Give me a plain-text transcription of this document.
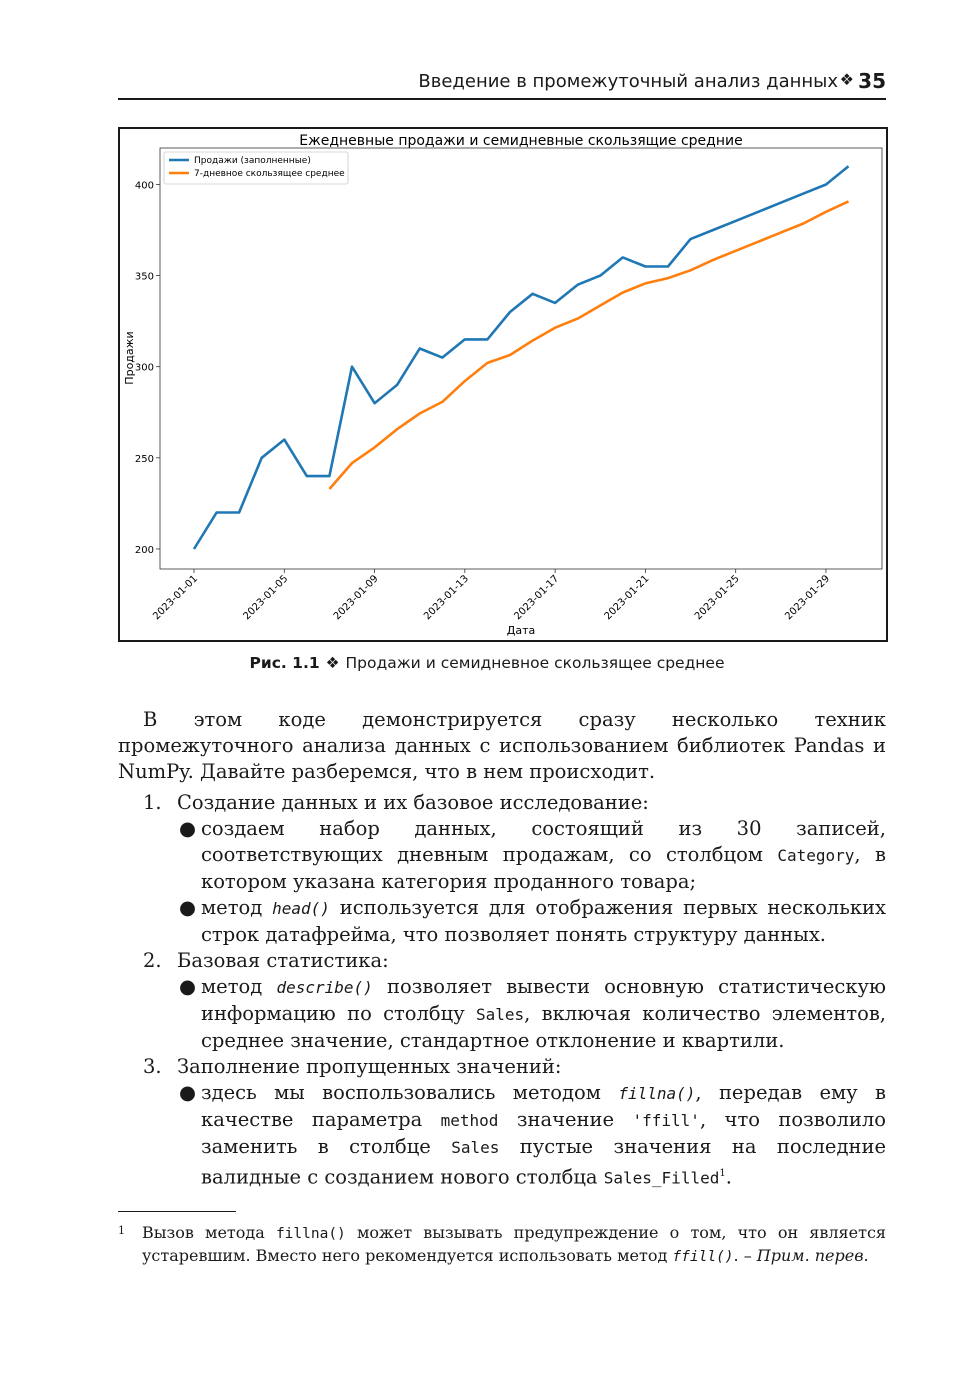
Введение в промежуточный анализ данных ❖ 35
Ежедневные продажи и семидневные скользящие средние
200
250
300
350
400
2023-01-01	2023-01-05	2023-01-09	2023-01-13	2023-01-17	2023-01-21	2023-01-25	2023-01-29
Продажи (заполненные)
7-дневное скользящее среднее
Продажи
Дата
Рис. 1.1 ❖ Продажи и семидневное скользящее среднее

В этом коде демонстрируется сразу несколько техник промежуточного анализа данных с использованием библиотек Pandas и NumPy. Давайте разберемся, что в нем происходит.

1. Создание данных и их базовое исследование:
● создаем набор данных, состоящий из 30 записей, соответствующих дневным продажам, со столбцом Category, в котором указана категория проданного товара;
● метод head() используется для отображения первых нескольких строк датафрейма, что позволяет понять структуру данных.
2. Базовая статистика:
● метод describe() позволяет вывести основную статистическую информацию по столбцу Sales, включая количество элементов, среднее значение, стандартное отклонение и квартили.
3. Заполнение пропущенных значений:
● здесь мы воспользовались методом fillna(), передав ему в качестве параметра method значение 'ffill', что позволило заменить в столбце Sales пустые значения на последние валидные с созданием нового столбца Sales_Filled$^1$.
1 Вызов метода fillna() может вызывать предупреждение о том, что он является устаревшим. Вместо него рекомендуется использовать метод ffill(). – Прим. перев.
